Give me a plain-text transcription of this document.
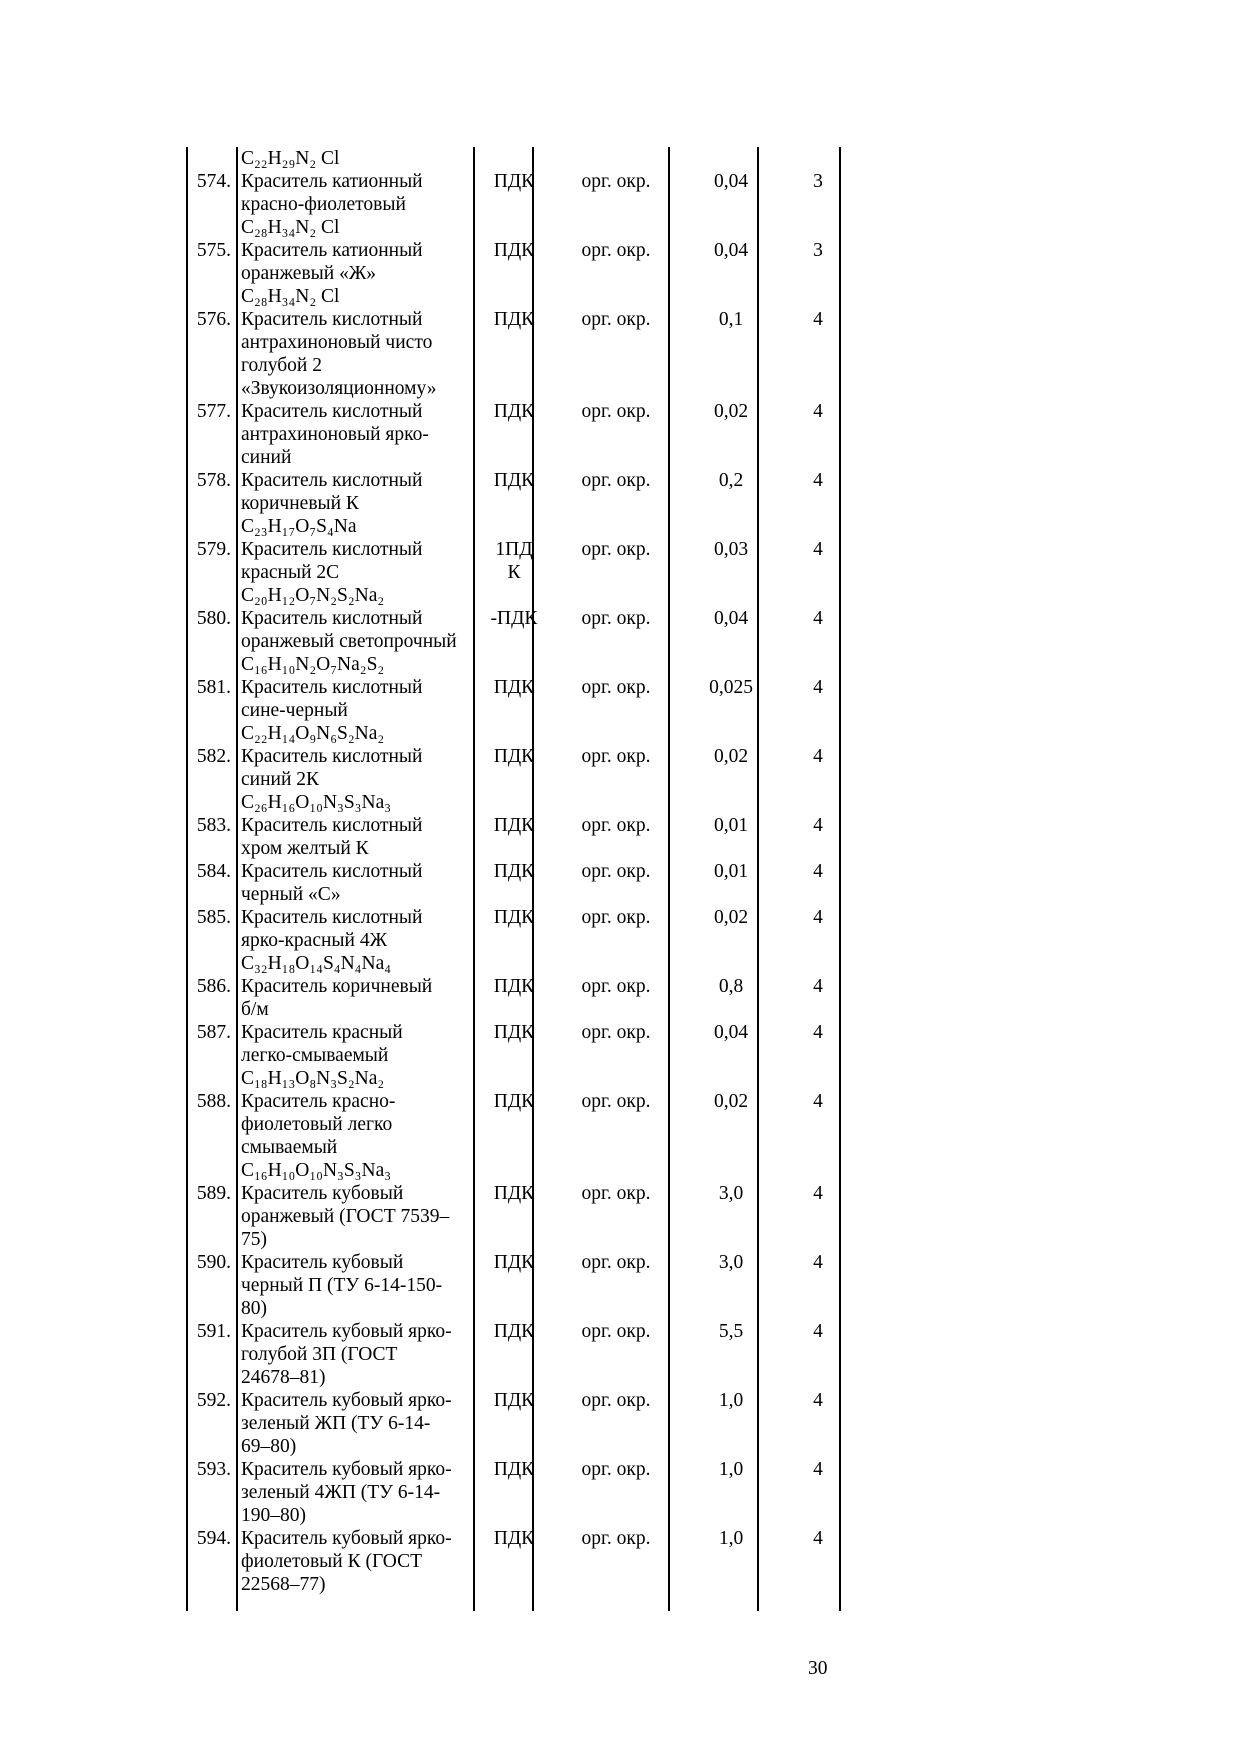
C₂₂H₂₉N₂ Cl
574. Краситель катионный
красно-фиолетовый
C₂₈H₃₄N₂ Cl
ПДК	орг. окр.	0,04	3
575. Краситель катионный
оранжевый «Ж»
C₂₈H₃₄N₂ Cl
ПДК	орг. окр.	0,04	3
576. Краситель кислотный
антрахиноновый чисто
голубой 2
«Звукоизоляционному»
ПДК	орг. окр.	0,1	4
577. Краситель кислотный
антрахиноновый ярко-
синий
ПДК	орг. окр.	0,02	4
578. Краситель кислотный
коричневый К
C₂₃H₁₇O₇S₄Na
ПДК	орг. окр.	0,2	4
579. Краситель кислотный
красный 2С
C₂₀H₁₂O₇N₂S₂Na₂
1ПД
К
орг. окр.	0,03	4
580. Краситель кислотный
оранжевый светопрочный
C₁₆H₁₀N₂O₇Na₂S₂
-ПДК	орг. окр.	0,04	4
581. Краситель кислотный
сине-черный
C₂₂H₁₄O₉N₆S₂Na₂
ПДК	орг. окр.	0,025	4
582. Краситель кислотный
синий 2К
C₂₆H₁₆O₁₀N₃S₃Na₃
ПДК	орг. окр.	0,02	4
583. Краситель кислотный
хром желтый К
ПДК	орг. окр.	0,01	4
584. Краситель кислотный
черный «С»
ПДК	орг. окр.	0,01	4
585. Краситель кислотный
ярко-красный 4Ж
C₃₂H₁₈O₁₄S₄N₄Na₄
ПДК	орг. окр.	0,02	4
586. Краситель коричневый
б/м
ПДК	орг. окр.	0,8	4
587. Краситель красный
легко-смываемый
C₁₈H₁₃O₈N₃S₂Na₂
ПДК	орг. окр.	0,04	4
588. Краситель красно-
фиолетовый легко
смываемый
C₁₆H₁₀O₁₀N₃S₃Na₃
ПДК	орг. окр.	0,02	4
589. Краситель кубовый
оранжевый (ГОСТ 7539–
75)
ПДК	орг. окр.	3,0	4
590. Краситель кубовый
черный П (ТУ 6-14-150-
80)
ПДК	орг. окр.	3,0	4
591. Краситель кубовый ярко-
голубой 3П (ГОСТ
24678–81)
ПДК	орг. окр.	5,5	4
592. Краситель кубовый ярко-
зеленый ЖП (ТУ 6-14-
69–80)
ПДК	орг. окр.	1,0	4
593. Краситель кубовый ярко-
зеленый 4ЖП (ТУ 6-14-
190–80)
ПДК	орг. окр.	1,0	4
594. Краситель кубовый ярко-
фиолетовый К (ГОСТ
22568–77)
ПДК	орг. окр.	1,0	4
30
